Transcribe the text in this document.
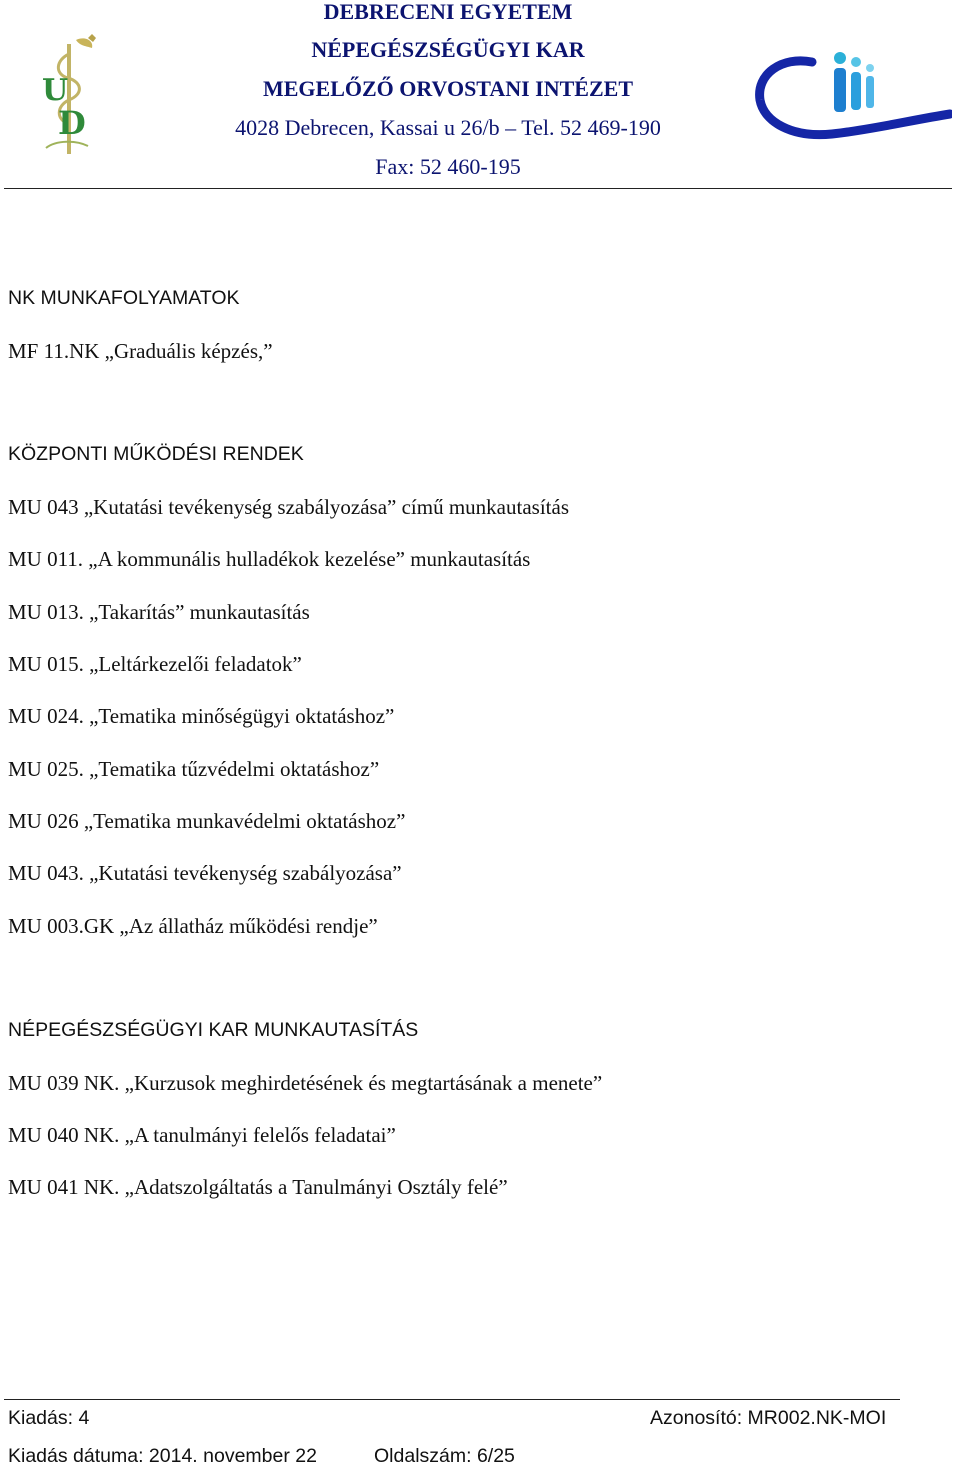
U
D
DEBRECENI EGYETEM
NÉPEGÉSZSÉGÜGYI KAR
MEGELŐZŐ ORVOSTANI INTÉZET
4028 Debrecen, Kassai u 26/b – Tel. 52 469-190
Fax: 52 460-195
NK MUNKAFOLYAMATOK
MF 11.NK „Graduális képzés,”
KÖZPONTI MŰKÖDÉSI RENDEK
MU 043 „Kutatási tevékenység szabályozása” című munkautasítás
MU 011. „A kommunális hulladékok kezelése” munkautasítás
MU 013. „Takarítás” munkautasítás
MU 015. „Leltárkezelői feladatok”
MU 024. „Tematika minőségügyi oktatáshoz”
MU 025. „Tematika tűzvédelmi oktatáshoz”
MU 026 „Tematika munkavédelmi oktatáshoz”
MU 043. „Kutatási tevékenység szabályozása”
MU 003.GK „Az állatház működési rendje”
NÉPEGÉSZSÉGÜGYI KAR MUNKAUTASÍTÁS
MU 039 NK. „Kurzusok meghirdetésének és megtartásának a menete”
MU 040 NK. „A tanulmányi felelős feladatai”
MU 041 NK. „Adatszolgáltatás a Tanulmányi Osztály felé”
Kiadás: 4	Azonosító: MR002.NK-MOI
Kiadás dátuma: 2014. november 22	Oldalszám: 6/25
